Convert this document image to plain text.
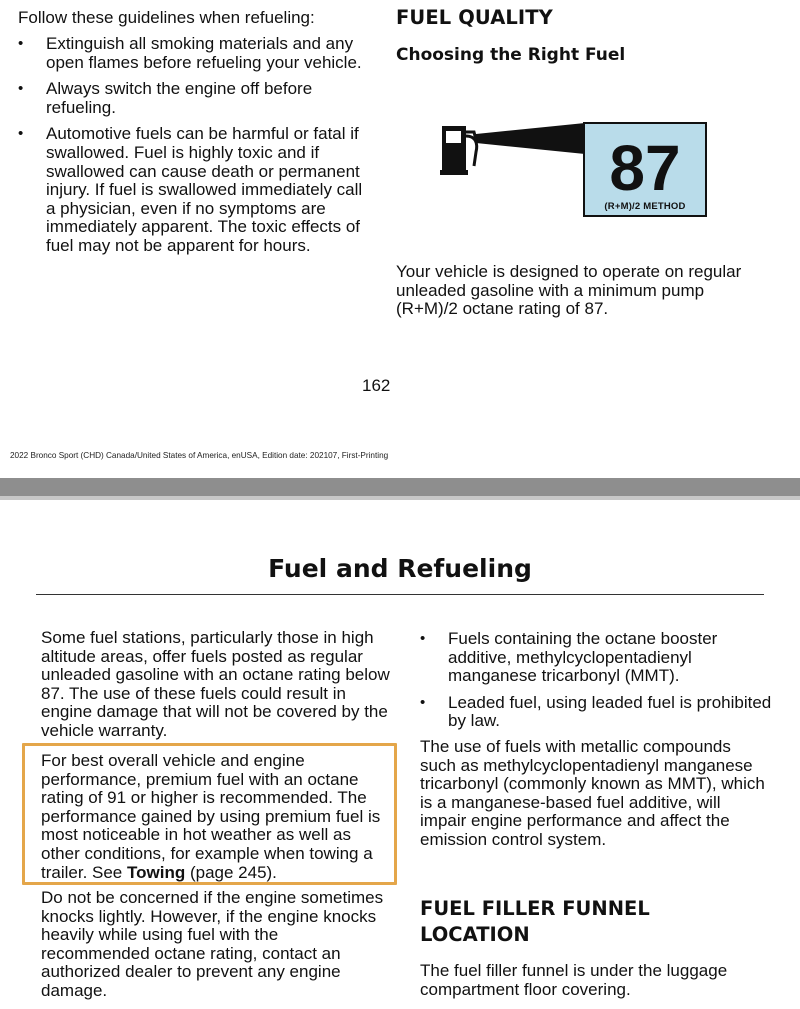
Follow these guidelines when refueling:
• Extinguish all smoking materials and any open flames before refueling your vehicle.
• Always switch the engine off before refueling.
• Automotive fuels can be harmful or fatal if swallowed. Fuel is highly toxic and if swallowed can cause death or permanent injury. If fuel is swallowed immediately call a physician, even if no symptoms are immediately apparent. The toxic effects of fuel may not be apparent for hours.
FUEL QUALITY
Choosing the Right Fuel
87
(R+M)/2 METHOD
Your vehicle is designed to operate on regular unleaded gasoline with a minimum pump (R+M)/2 octane rating of 87.
162
2022 Bronco Sport (CHD) Canada/United States of America, enUSA, Edition date: 202107, First-Printing
Fuel and Refueling
Some fuel stations, particularly those in high altitude areas, offer fuels posted as regular unleaded gasoline with an octane rating below 87. The use of these fuels could result in engine damage that will not be covered by the vehicle warranty.
For best overall vehicle and engine performance, premium fuel with an octane rating of 91 or higher is recommended. The performance gained by using premium fuel is most noticeable in hot weather as well as other conditions, for example when towing a trailer. See Towing (page 245).
Do not be concerned if the engine sometimes knocks lightly. However, if the engine knocks heavily while using fuel with the recommended octane rating, contact an authorized dealer to prevent any engine damage.
• Fuels containing the octane booster additive, methylcyclopentadienyl manganese tricarbonyl (MMT).
• Leaded fuel, using leaded fuel is prohibited by law.
The use of fuels with metallic compounds such as methylcyclopentadienyl manganese tricarbonyl (commonly known as MMT), which is a manganese-based fuel additive, will impair engine performance and affect the emission control system.
FUEL FILLER FUNNEL LOCATION
The fuel filler funnel is under the luggage compartment floor covering.
